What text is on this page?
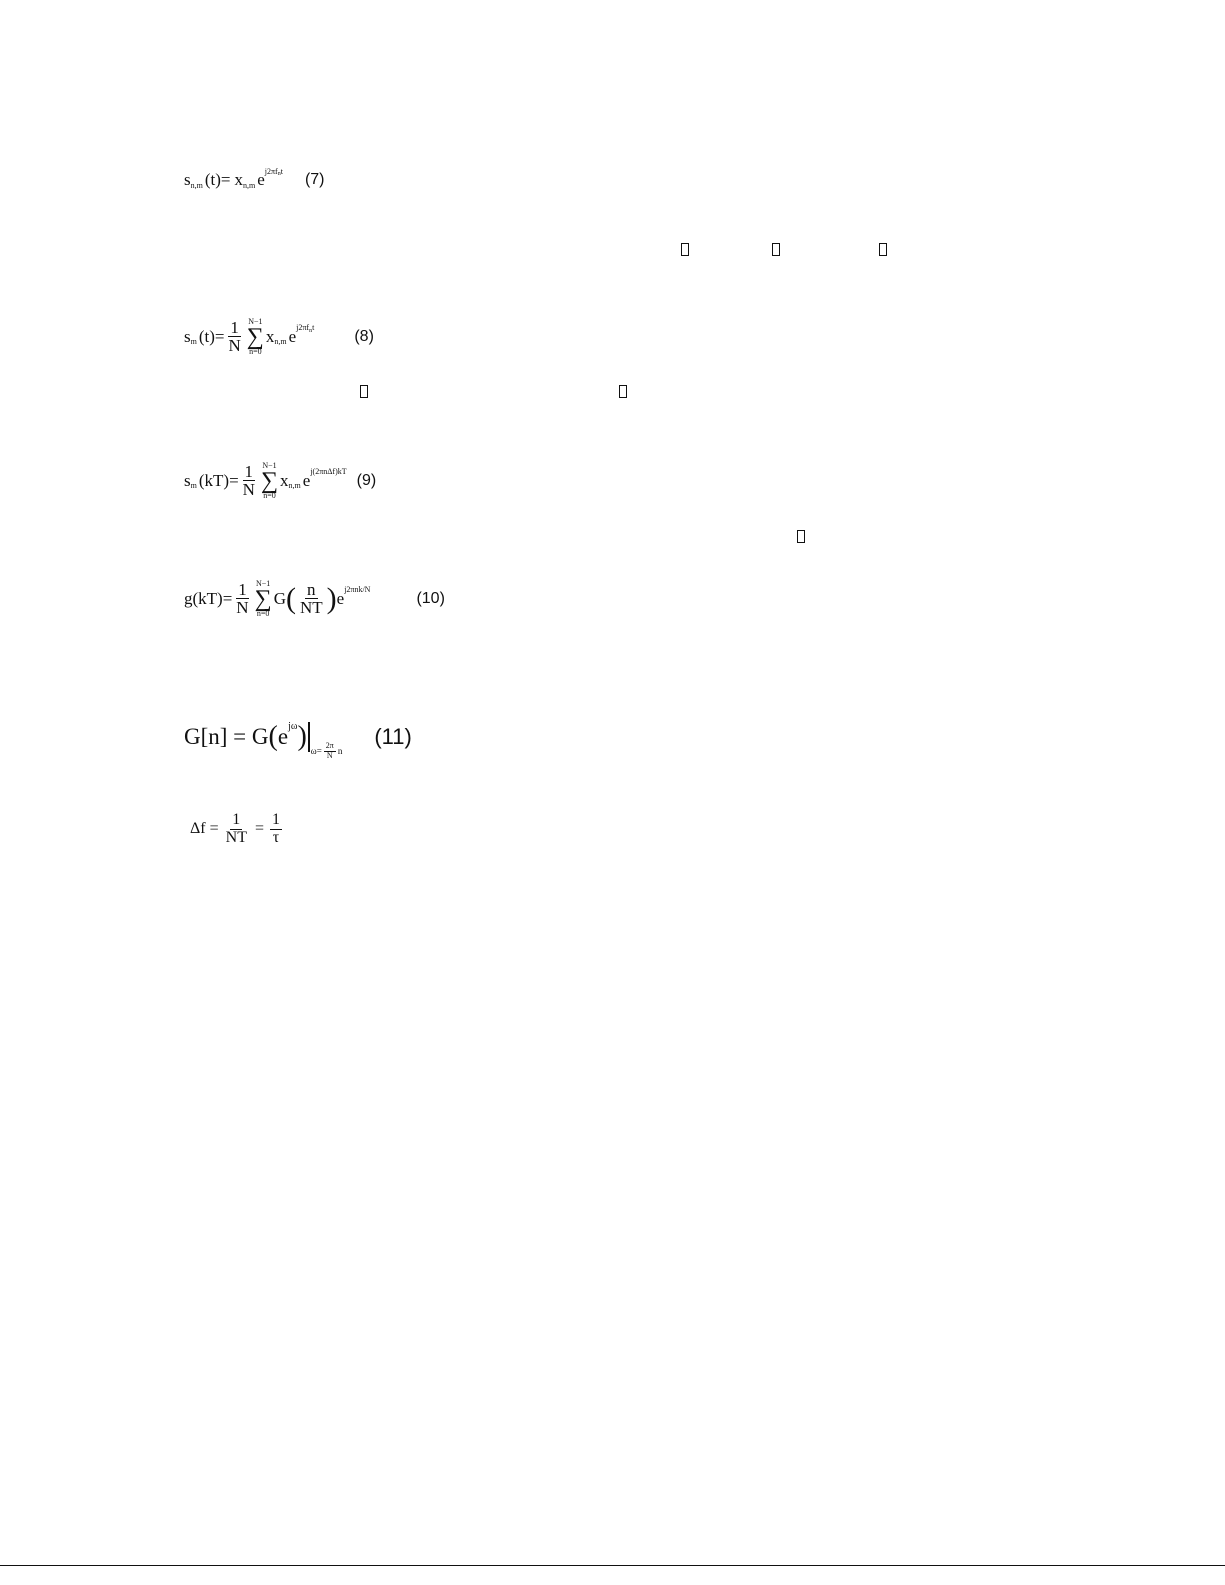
s n,m (t)= x n,m e j2πf n t (7)
s m $(t)= \frac{1}{N} N-1$
∑
n=0
x n,m e j2πf n t	(8)
s m $(kT)= \frac{1}{N} N-1$
∑
n=0
x n,m e j(2πnΔf)kT (9)
$g(kT)= \frac{1}{N} N-1$
∑
n=0
G ( $\frac{n}{NT}$ ) e j2πnk/N	(10)
G[n] = G ( e jω ) $\omega= \frac{2\pi}{N}$ n
(11)
$\Delta f = \frac{1}{NT} = \frac{1}{\tau}$
